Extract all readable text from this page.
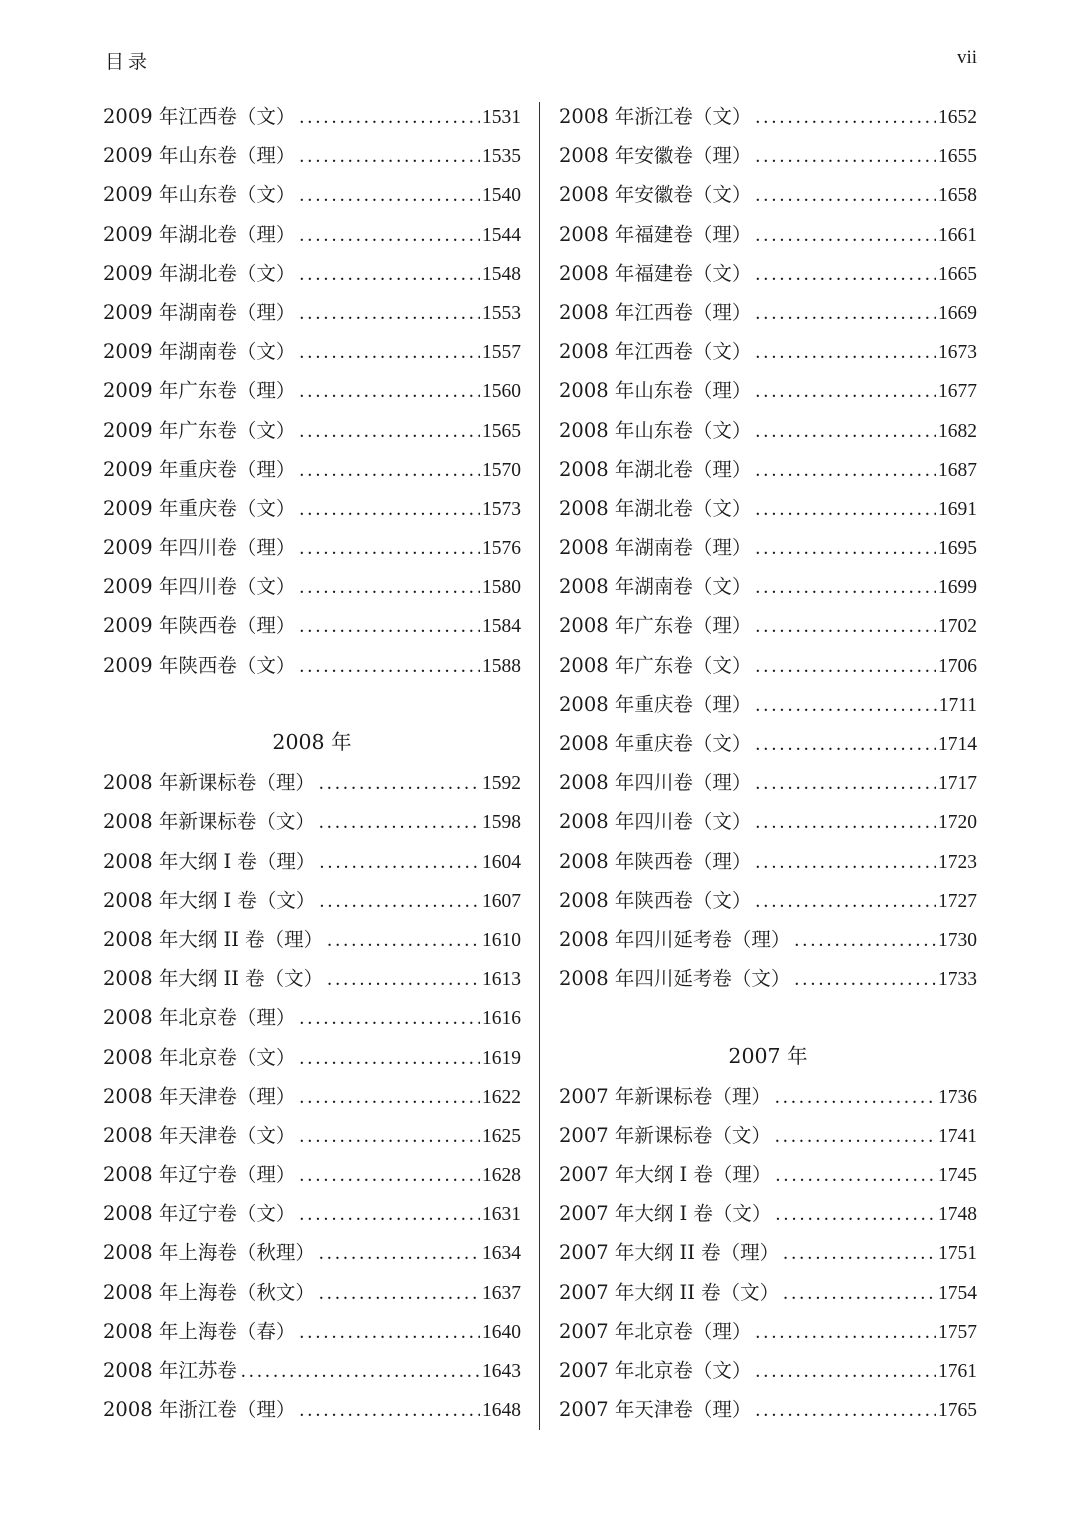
目录	vii
2009 年江西卷（文） .....	1531
2009 年山东卷（理） .....	1535
2009 年山东卷（文） .....	1540
2009 年湖北卷（理） .....	1544
2009 年湖北卷（文） .....	1548
2009 年湖南卷（理） .....	1553
2009 年湖南卷（文） .....	1557
2009 年广东卷（理） .....	1560
2009 年广东卷（文） .....	1565
2009 年重庆卷（理） .....	1570
2009 年重庆卷（文） .....	1573
2009 年四川卷（理） .....	1576
2009 年四川卷（文） .....	1580
2009 年陕西卷（理） .....	1584
2009 年陕西卷（文） .....	1588
2008 年
2008 年新课标卷（理） .....	1592
2008 年新课标卷（文） .....	1598
2008 年大纲 I 卷（理） .....	1604
2008 年大纲 I 卷（文） .....	1607
2008 年大纲 II 卷（理） .....	1610
2008 年大纲 II 卷（文） .....	1613
2008 年北京卷（理） .....	1616
2008 年北京卷（文） .....	1619
2008 年天津卷（理） .....	1622
2008 年天津卷（文） .....	1625
2008 年辽宁卷（理） .....	1628
2008 年辽宁卷（文） .....	1631
2008 年上海卷（秋理） .....	1634
2008 年上海卷（秋文） .....	1637
2008 年上海卷（春） .....	1640
2008 年江苏卷 .....	1643
2008 年浙江卷（理） .....	1648
2008 年浙江卷（文） .....	1652
2008 年安徽卷（理） .....	1655
2008 年安徽卷（文） .....	1658
2008 年福建卷（理） .....	1661
2008 年福建卷（文） .....	1665
2008 年江西卷（理） .....	1669
2008 年江西卷（文） .....	1673
2008 年山东卷（理） .....	1677
2008 年山东卷（文） .....	1682
2008 年湖北卷（理） .....	1687
2008 年湖北卷（文） .....	1691
2008 年湖南卷（理） .....	1695
2008 年湖南卷（文） .....	1699
2008 年广东卷（理） .....	1702
2008 年广东卷（文） .....	1706
2008 年重庆卷（理） .....	1711
2008 年重庆卷（文） .....	1714
2008 年四川卷（理） .....	1717
2008 年四川卷（文） .....	1720
2008 年陕西卷（理） .....	1723
2008 年陕西卷（文） .....	1727
2008 年四川延考卷（理） .....	1730
2008 年四川延考卷（文） .....	1733
2007 年
2007 年新课标卷（理） .....	1736
2007 年新课标卷（文） .....	1741
2007 年大纲 I 卷（理） .....	1745
2007 年大纲 I 卷（文） .....	1748
2007 年大纲 II 卷（理） .....	1751
2007 年大纲 II 卷（文） .....	1754
2007 年北京卷（理） .....	1757
2007 年北京卷（文） .....	1761
2007 年天津卷（理） .....	1765
